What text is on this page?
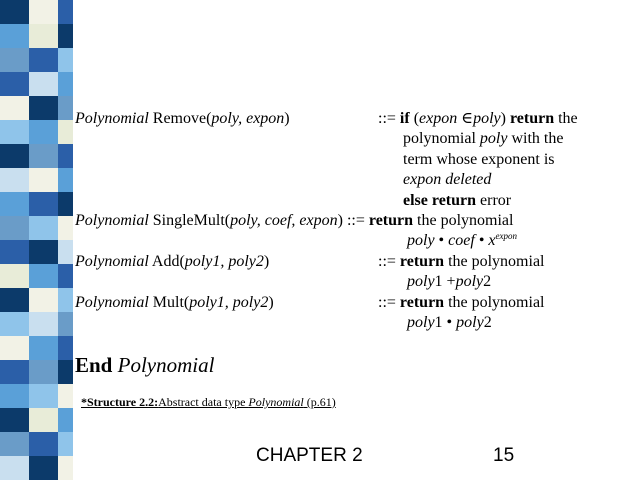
Polynomial Remove(poly, expon)	::= if (expon ∈poly) return the
polynomial poly with the
term whose exponent is
expon deleted
else return error
Polynomial SingleMult(poly, coef, expon) ::= return the polynomial
poly • coef • $x^{expon}$
Polynomial Add(poly1, poly2)	::= return the polynomial
poly1 +poly2
Polynomial Mult(poly1, poly2)	::= return the polynomial
poly1 • poly2
End Polynomial
*Structure 2.2:Abstract data type Polynomial (p.61)
CHAPTER 2	15
